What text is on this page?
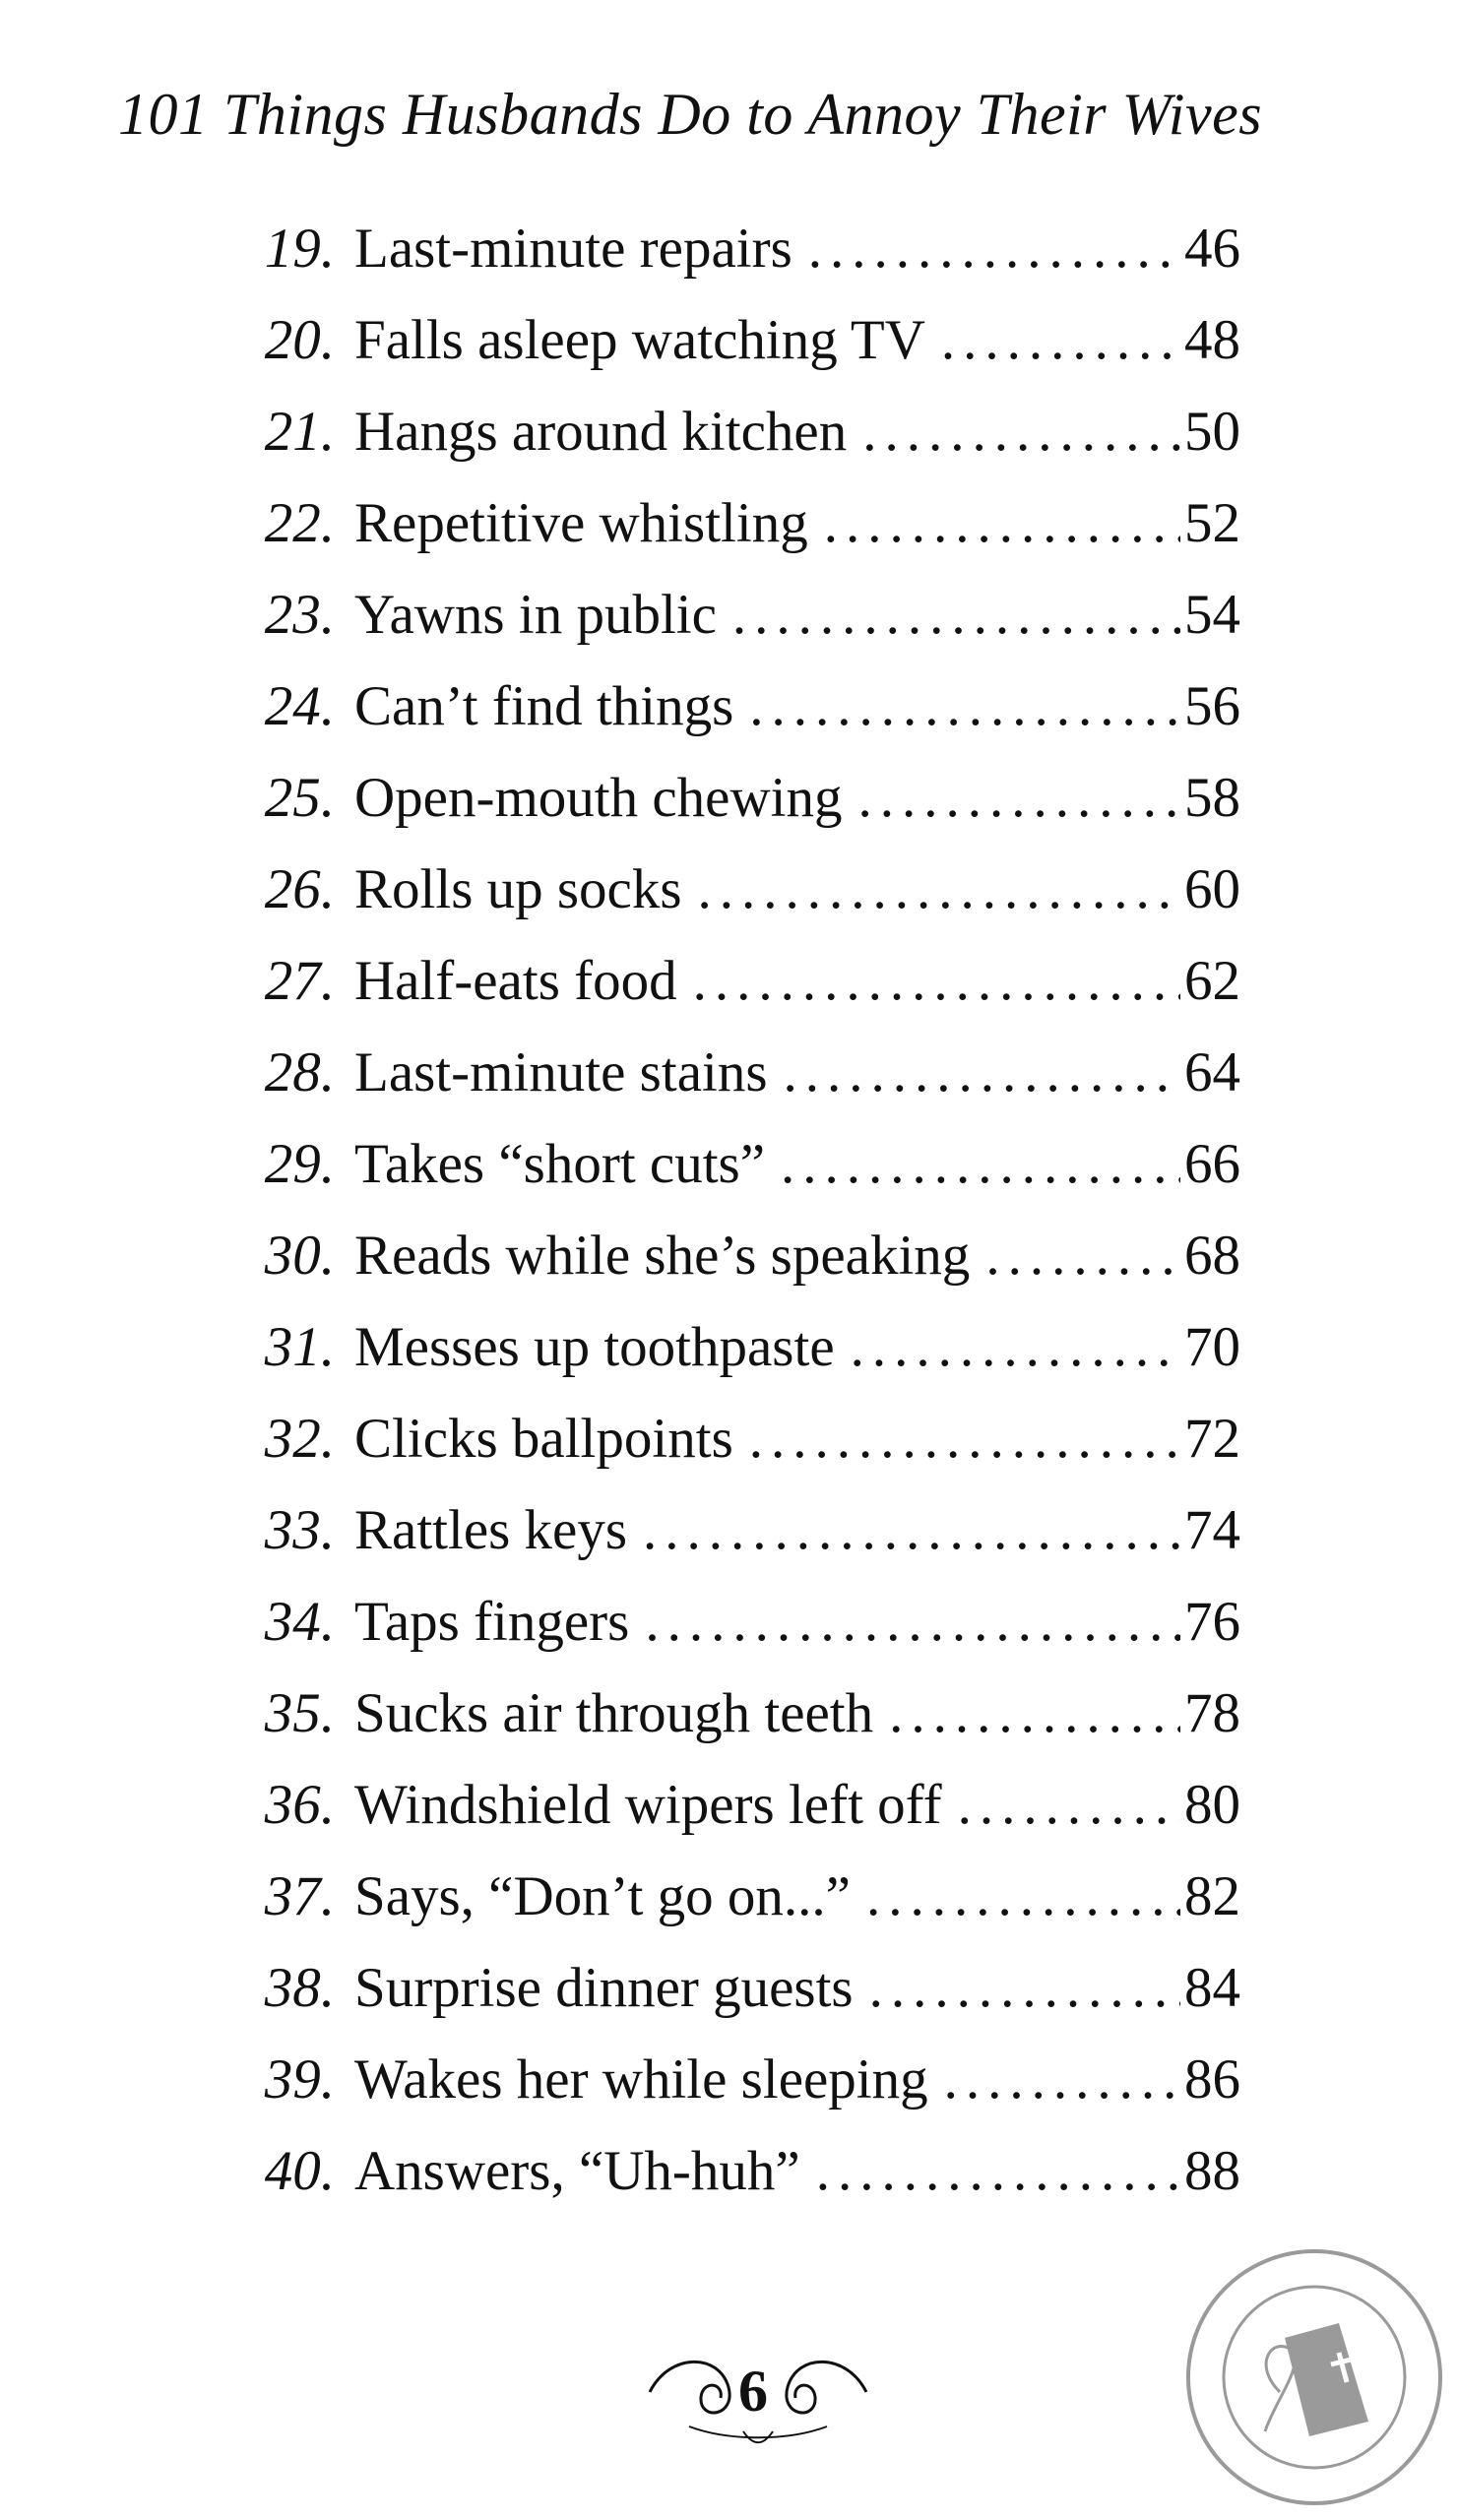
101 Things Husbands Do to Annoy Their Wives
19. Last-minute repairs .....	46
20. Falls asleep watching TV .....	48
21. Hangs around kitchen .....	50
22. Repetitive whistling .....	52
23. Yawns in public .....	54
24. Can’t find things .....	56
25. Open-mouth chewing .....	58
26. Rolls up socks .....	60
27. Half-eats food .....	62
28. Last-minute stains .....	64
29. Takes “short cuts” .....	66
30. Reads while she’s speaking .....	68
31. Messes up toothpaste .....	70
32. Clicks ballpoints .....	72
33. Rattles keys .....	74
34. Taps fingers .....	76
35. Sucks air through teeth .....	78
36. Windshield wipers left off .....	80
37. Says, “Don’t go on...” .....	82
38. Surprise dinner guests .....	84
39. Wakes her while sleeping .....	86
40. Answers, “Uh-huh” .....	88
6
